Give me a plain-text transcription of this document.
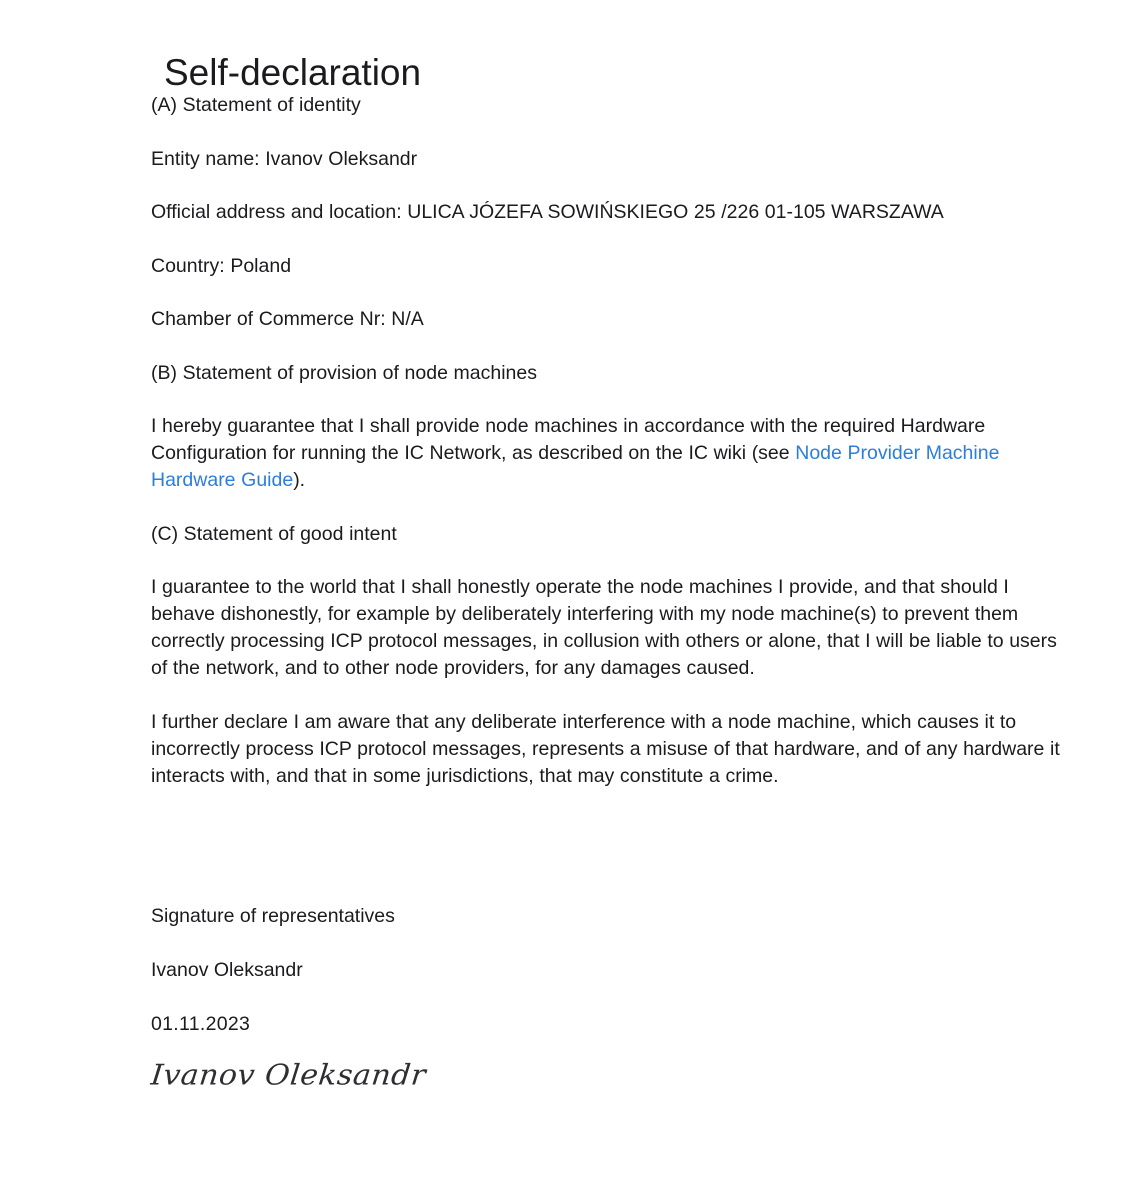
Self-declaration

(A) Statement of identity

Entity name: Ivanov Oleksandr

Official address and location: ULICA JÓZEFA SOWIŃSKIEGO 25 /226 01-105 WARSZAWA

Country: Poland

Chamber of Commerce Nr: N/A

(B) Statement of provision of node machines

I hereby guarantee that I shall provide node machines in accordance with the required Hardware Configuration for running the IC Network, as described on the IC wiki (see Node Provider Machine Hardware Guide).

(C) Statement of good intent

I guarantee to the world that I shall honestly operate the node machines I provide, and that should I behave dishonestly, for example by deliberately interfering with my node machine(s) to prevent them correctly processing ICP protocol messages, in collusion with others or alone, that I will be liable to users of the network, and to other node providers, for any damages caused.

I further declare I am aware that any deliberate interference with a node machine, which causes it to incorrectly process ICP protocol messages, represents a misuse of that hardware, and of any hardware it interacts with, and that in some jurisdictions, that may constitute a crime.

Signature of representatives

Ivanov Oleksandr

01.11.2023

Ivanov Oleksandr
